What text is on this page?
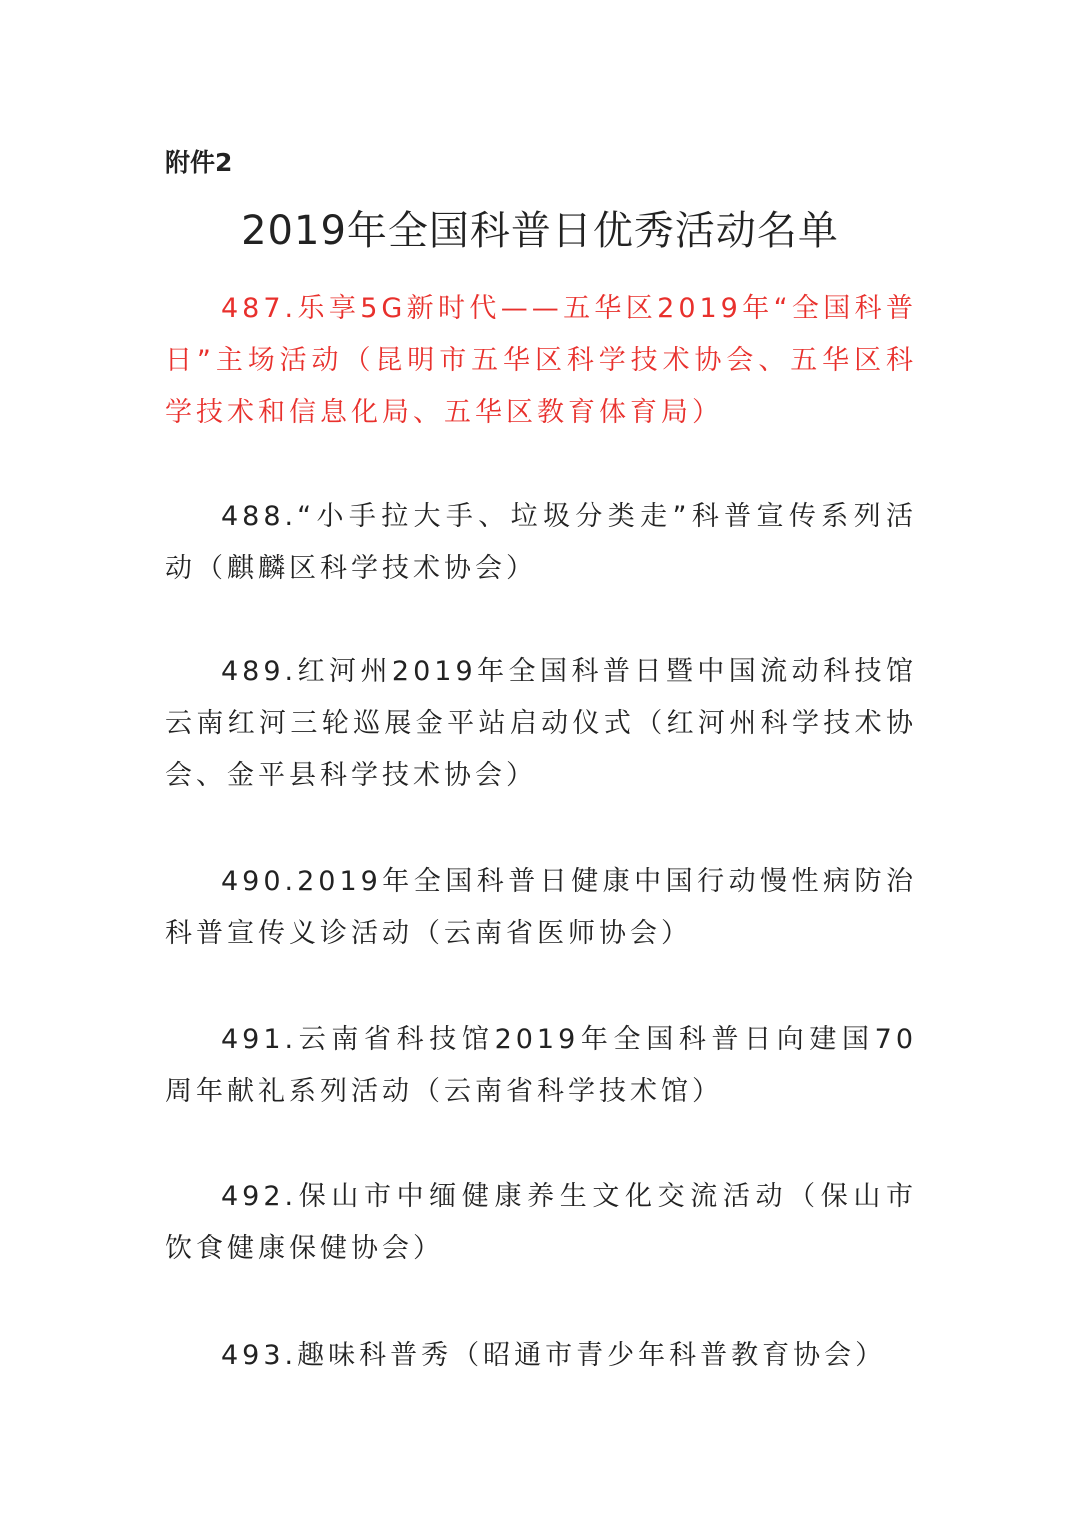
附件2
2019年全国科普日优秀活动名单
487.乐享5G新时代——五华区2019年“全国科普日”主场活动（昆明市五华区科学技术协会、五华区科学技术和信息化局、五华区教育体育局）
488.“小手拉大手、垃圾分类走”科普宣传系列活动（麒麟区科学技术协会）
489.红河州2019年全国科普日暨中国流动科技馆云南红河三轮巡展金平站启动仪式（红河州科学技术协会、金平县科学技术协会）
490.2019年全国科普日健康中国行动慢性病防治科普宣传义诊活动（云南省医师协会）
491.云南省科技馆2019年全国科普日向建国70周年献礼系列活动（云南省科学技术馆）
492.保山市中缅健康养生文化交流活动（保山市饮食健康保健协会）
493.趣味科普秀（昭通市青少年科普教育协会）
